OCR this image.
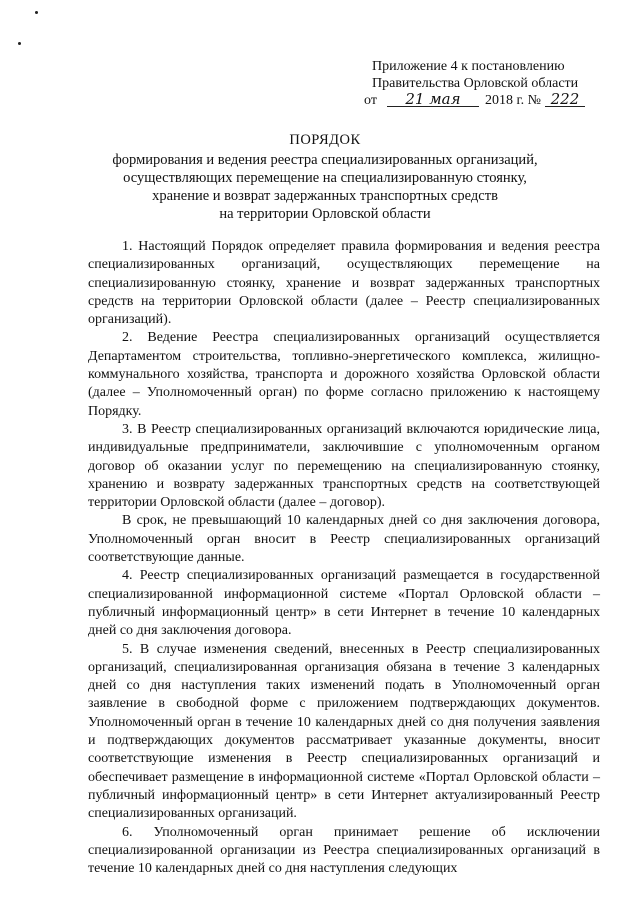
Приложение 4 к постановлению
Правительства Орловской области
от 21 мая 2018 г. № 222
ПОРЯДОК
формирования и ведения реестра специализированных организаций,
осуществляющих перемещение на специализированную стоянку,
хранение и возврат задержанных транспортных средств
на территории Орловской области

1. Настоящий Порядок определяет правила формирования и ведения реестра специализированных организаций, осуществляющих перемещение на специализированную стоянку, хранение и возврат задержанных транспортных средств на территории Орловской области (далее – Реестр специализированных организаций).

2. Ведение Реестра специализированных организаций осуществляется Департаментом строительства, топливно-энергетического комплекса, жилищно-коммунального хозяйства, транспорта и дорожного хозяйства Орловской области (далее – Уполномоченный орган) по форме согласно приложению к настоящему Порядку.

3. В Реестр специализированных организаций включаются юридические лица, индивидуальные предприниматели, заключившие с уполномоченным органом договор об оказании услуг по перемещению на специализированную стоянку, хранению и возврату задержанных транспортных средств на соответствующей территории Орловской области (далее – договор).

В срок, не превышающий 10 календарных дней со дня заключения договора, Уполномоченный орган вносит в Реестр специализированных организаций соответствующие данные.

4. Реестр специализированных организаций размещается в государственной специализированной информационной системе «Портал Орловской области – публичный информационный центр» в сети Интернет в течение 10 календарных дней со дня заключения договора.

5. В случае изменения сведений, внесенных в Реестр специализированных организаций, специализированная организация обязана в течение 3 календарных дней со дня наступления таких изменений подать в Уполномоченный орган заявление в свободной форме с приложением подтверждающих документов. Уполномоченный орган в течение 10 календарных дней со дня получения заявления и подтверждающих документов рассматривает указанные документы, вносит соответствующие изменения в Реестр специализированных организаций и обеспечивает размещение в информационной системе «Портал Орловской области – публичный информационный центр» в сети Интернет актуализированный Реестр специализированных организаций.

6. Уполномоченный орган принимает решение об исключении специализированной организации из Реестра специализированных организаций в течение 10 календарных дней со дня наступления следующих
